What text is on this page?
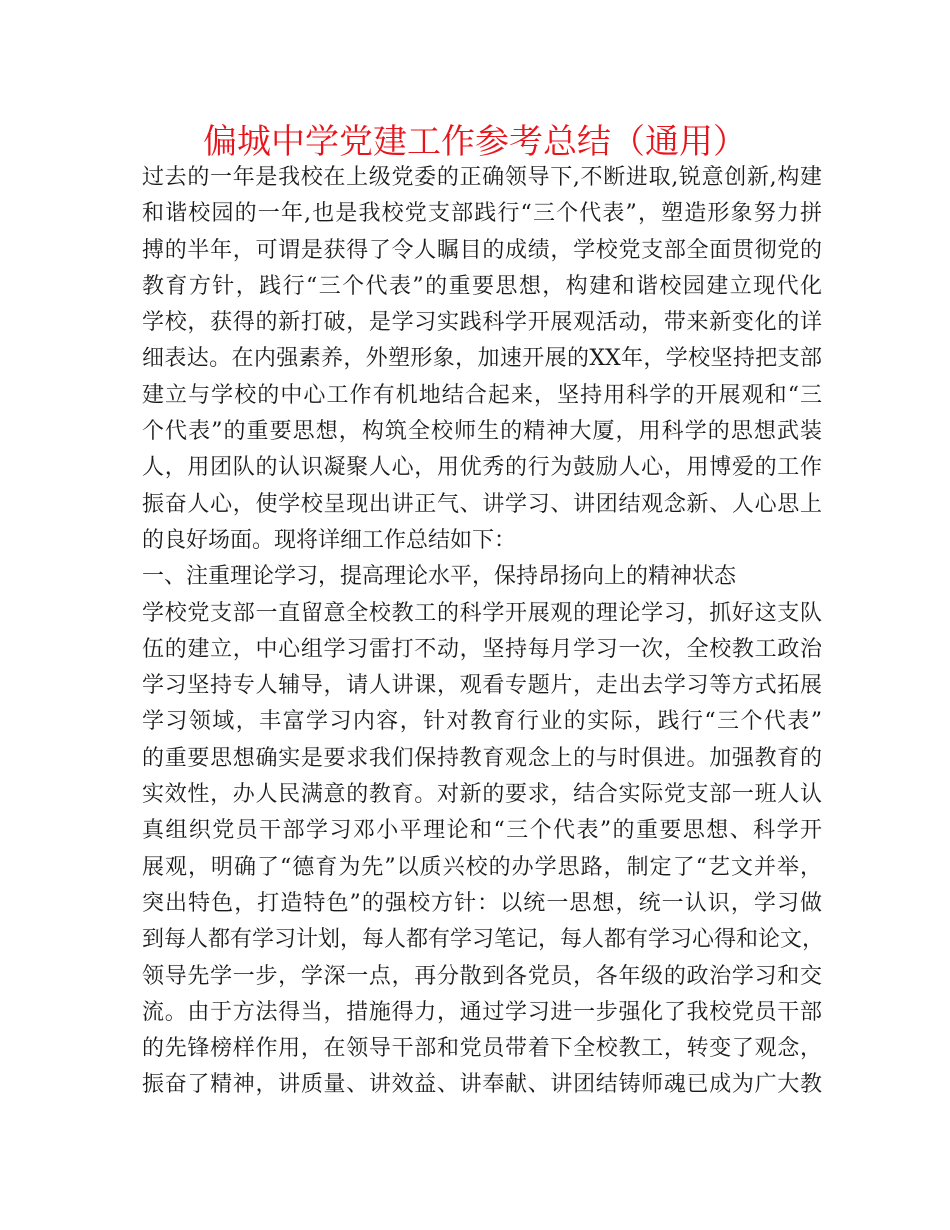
偏城中学党建工作参考总结（通用）
过去的一年是我校在上级党委的正确领导下,不断进取,锐意创新,构建
和谐校园的一年,也是我校党支部践行“三个代表”，塑造形象努力拼
搏的半年，可谓是获得了令人瞩目的成绩，学校党支部全面贯彻党的
教育方针，践行“三个代表”的重要思想，构建和谐校园建立现代化
学校，获得的新打破，是学习实践科学开展观活动，带来新变化的详
细表达。在内强素养，外塑形象，加速开展的XX年，学校坚持把支部
建立与学校的中心工作有机地结合起来，坚持用科学的开展观和“三
个代表”的重要思想，构筑全校师生的精神大厦，用科学的思想武装
人，用团队的认识凝聚人心，用优秀的行为鼓励人心，用博爱的工作
振奋人心，使学校呈现出讲正气、讲学习、讲团结观念新、人心思上
的良好场面。现将详细工作总结如下：
一、注重理论学习，提高理论水平，保持昂扬向上的精神状态
学校党支部一直留意全校教工的科学开展观的理论学习，抓好这支队
伍的建立，中心组学习雷打不动，坚持每月学习一次，全校教工政治
学习坚持专人辅导，请人讲课，观看专题片，走出去学习等方式拓展
学习领域，丰富学习内容，针对教育行业的实际，践行“三个代表”
的重要思想确实是要求我们保持教育观念上的与时俱进。加强教育的
实效性，办人民满意的教育。对新的要求，结合实际党支部一班人认
真组织党员干部学习邓小平理论和“三个代表”的重要思想、科学开
展观，明确了“德育为先”以质兴校的办学思路，制定了“艺文并举，
突出特色，打造特色”的强校方针：以统一思想，统一认识，学习做
到每人都有学习计划，每人都有学习笔记，每人都有学习心得和论文，
领导先学一步，学深一点，再分散到各党员，各年级的政治学习和交
流。由于方法得当，措施得力，通过学习进一步强化了我校党员干部
的先锋榜样作用，在领导干部和党员带着下全校教工，转变了观念，
振奋了精神，讲质量、讲效益、讲奉献、讲团结铸师魂已成为广大教
